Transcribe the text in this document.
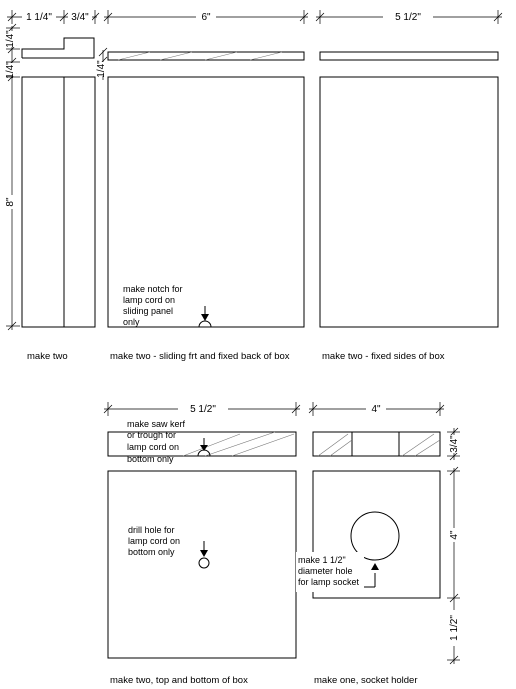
1 1/4" 3/4"
1/4"
1/4"
8"
make two
6"
1/4"
make notch for
lamp cord on
sliding panel
only
make two - sliding frt and fixed back of box
5 1/2"
make two - fixed sides of box
5 1/2"
make saw kerf
or trough for
lamp cord on
bottom only
drill hole for
lamp cord on
bottom only
make two, top and bottom of box
4"
3/4"
make 1 1/2"
diameter hole
for lamp socket
4"
1 1/2"
make one, socket holder
